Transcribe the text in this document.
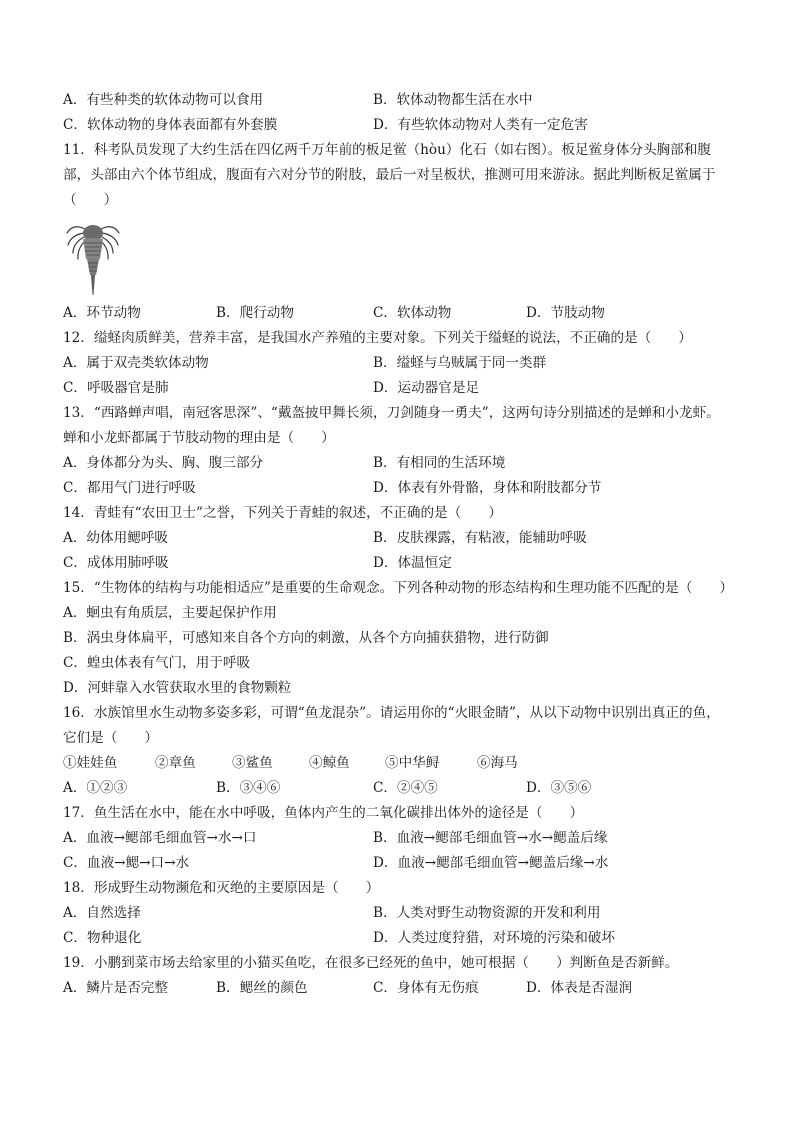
A．有些种类的软体动物可以食用	B．软体动物都生活在水中
C．软体动物的身体表面都有外套膜	D．有些软体动物对人类有一定危害
11．科考队员发现了大约生活在四亿两千万年前的板足鲎（hòu）化石（如右图）。板足鲎身体分头胸部和腹部，头部由六个体节组成，腹面有六对分节的附肢，最后一对呈板状，推测可用来游泳。据此判断板足鲎属于（　　）
A．环节动物	B．爬行动物	C．软体动物	D．节肢动物
12．缢蛏肉质鲜美，营养丰富，是我国水产养殖的主要对象。下列关于缢蛏的说法，不正确的是（　　）
A．属于双壳类软体动物	B．缢蛏与乌贼属于同一类群
C．呼吸器官是肺	D．运动器官是足
13．“西路蝉声唱，南冠客思深”、“戴盔披甲舞长须，刀剑随身一勇夫”，这两句诗分别描述的是蝉和小龙虾。蝉和小龙虾都属于节肢动物的理由是（　　）
A．身体都分为头、胸、腹三部分	B．有相同的生活环境
C．都用气门进行呼吸	D．体表有外骨骼，身体和附肢都分节
14．青蛙有“农田卫士”之誉，下列关于青蛙的叙述，不正确的是（　　）
A．幼体用鳃呼吸	B．皮肤裸露，有粘液，能辅助呼吸
C．成体用肺呼吸	D．体温恒定
15．“生物体的结构与功能相适应”是重要的生命观念。下列各种动物的形态结构和生理功能不匹配的是（　　）
A．蛔虫有角质层，主要起保护作用
B．涡虫身体扁平，可感知来自各个方向的刺激，从各个方向捕获猎物，进行防御
C．蝗虫体表有气门，用于呼吸
D．河蚌靠入水管获取水里的食物颗粒
16．水族馆里水生动物多姿多彩，可谓“鱼龙混杂”。请运用你的“火眼金睛”，从以下动物中识别出真正的鱼，它们是（　　）
①娃娃鱼	②章鱼	③鲨鱼	④鲸鱼	⑤中华鲟	⑥海马
A．①②③	B．③④⑥	C．②④⑤	D．③⑤⑥
17．鱼生活在水中，能在水中呼吸，鱼体内产生的二氧化碳排出体外的途径是（　　）
A．血液→鳃部毛细血管→水→口	B．血液→鳃部毛细血管→水→鳃盖后缘
C．血液→鳃→口→水	D．血液→鳃部毛细血管→鳃盖后缘→水
18．形成野生动物濒危和灭绝的主要原因是（　　）
A．自然选择	B．人类对野生动物资源的开发和利用
C．物种退化	D．人类过度狩猎，对环境的污染和破坏
19．小鹏到菜市场去给家里的小猫买鱼吃，在很多已经死的鱼中，她可根据（　　）判断鱼是否新鲜。
A．鳞片是否完整	B．鳃丝的颜色	C．身体有无伤痕	D．体表是否湿润
